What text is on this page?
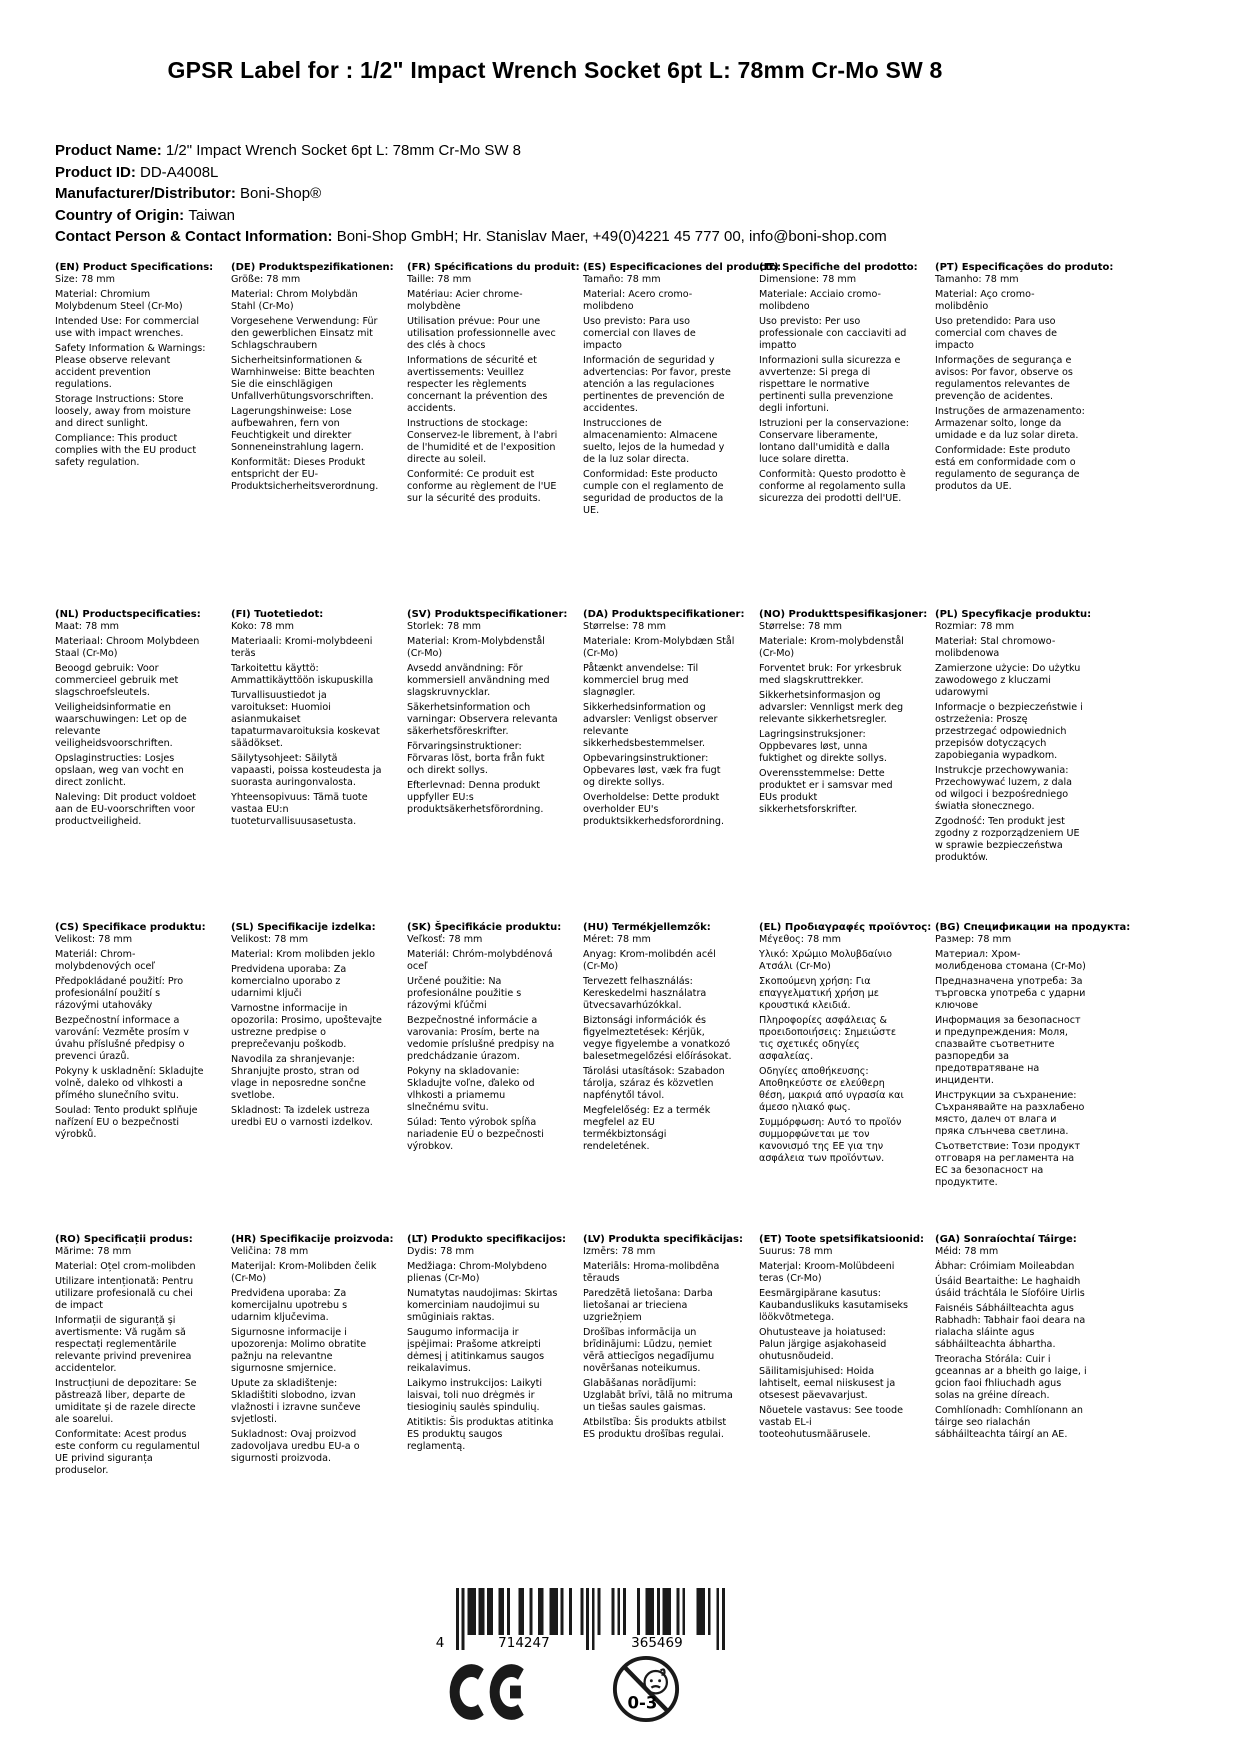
GPSR Label for : 1/2" Impact Wrench Socket 6pt L: 78mm Cr-Mo SW 8
Product Name: 1/2" Impact Wrench Socket 6pt L: 78mm Cr-Mo SW 8
Product ID: DD-A4008L
Manufacturer/Distributor: Boni-Shop®
Country of Origin: Taiwan
Contact Person & Contact Information: Boni-Shop GmbH; Hr. Stanislav Maer, +49(0)4221 45 777 00, info@boni-shop.com
(EN) Product Specifications:
Size: 78 mm
Material: Chromium Molybdenum Steel (Cr-Mo)
Intended Use: For commercial use with impact wrenches.
Safety Information & Warnings: Please observe relevant accident prevention regulations.
Storage Instructions: Store loosely, away from moisture and direct sunlight.
Compliance: This product complies with the EU product safety regulation.
(DE) Produktspezifikationen:
Größe: 78 mm
Material: Chrom Molybdän Stahl (Cr-Mo)
Vorgesehene Verwendung: Für den gewerblichen Einsatz mit Schlagschraubern
Sicherheitsinformationen & Warnhinweise: Bitte beachten Sie die einschlägigen Unfallverhütungsvorschriften.
Lagerungshinweise: Lose aufbewahren, fern von Feuchtigkeit und direkter Sonneneinstrahlung lagern.
Konformität: Dieses Produkt entspricht der EU-Produktsicherheitsverordnung.
(FR) Spécifications du produit:
Taille: 78 mm
Matériau: Acier chrome-molybdène
Utilisation prévue: Pour une utilisation professionnelle avec des clés à chocs
Informations de sécurité et avertissements: Veuillez respecter les règlements concernant la prévention des accidents.
Instructions de stockage: Conservez-le librement, à l'abri de l'humidité et de l'exposition directe au soleil.
Conformité: Ce produit est conforme au règlement de l'UE sur la sécurité des produits.
(ES) Especificaciones del producto:
Tamaño: 78 mm
Material: Acero cromo-molibdeno
Uso previsto: Para uso comercial con llaves de impacto
Información de seguridad y advertencias: Por favor, preste atención a las regulaciones pertinentes de prevención de accidentes.
Instrucciones de almacenamiento: Almacene suelto, lejos de la humedad y de la luz solar directa.
Conformidad: Este producto cumple con el reglamento de seguridad de productos de la UE.
(IT) Specifiche del prodotto:
Dimensione: 78 mm
Materiale: Acciaio cromo-molibdeno
Uso previsto: Per uso professionale con cacciaviti ad impatto
Informazioni sulla sicurezza e avvertenze: Si prega di rispettare le normative pertinenti sulla prevenzione degli infortuni.
Istruzioni per la conservazione: Conservare liberamente, lontano dall'umidità e dalla luce solare diretta.
Conformità: Questo prodotto è conforme al regolamento sulla sicurezza dei prodotti dell'UE.
(PT) Especificações do produto:
Tamanho: 78 mm
Material: Aço cromo-molibdênio
Uso pretendido: Para uso comercial com chaves de impacto
Informações de segurança e avisos: Por favor, observe os regulamentos relevantes de prevenção de acidentes.
Instruções de armazenamento: Armazenar solto, longe da umidade e da luz solar direta.
Conformidade: Este produto está em conformidade com o regulamento de segurança de produtos da UE.
(NL) Productspecificaties:
Maat: 78 mm
Materiaal: Chroom Molybdeen Staal (Cr-Mo)
Beoogd gebruik: Voor commercieel gebruik met slagschroefsleutels.
Veiligheidsinformatie en waarschuwingen: Let op de relevante veiligheidsvoorschriften.
Opslaginstructies: Losjes opslaan, weg van vocht en direct zonlicht.
Naleving: Dit product voldoet aan de EU-voorschriften voor productveiligheid.
(FI) Tuotetiedot:
Koko: 78 mm
Materiaali: Kromi-molybdeeni teräs
Tarkoitettu käyttö: Ammattikäyttöön iskupuskilla
Turvallisuustiedot ja varoitukset: Huomioi asianmukaiset tapaturmavaroituksia koskevat säädökset.
Säilytysohjeet: Säilytä vapaasti, poissa kosteudesta ja suorasta auringonvalosta.
Yhteensopivuus: Tämä tuote vastaa EU:n tuoteturvallisuusasetusta.
(SV) Produktspecifikationer:
Storlek: 78 mm
Material: Krom-Molybdenstål (Cr-Mo)
Avsedd användning: För kommersiell användning med slagskruvnycklar.
Säkerhetsinformation och varningar: Observera relevanta säkerhetsföreskrifter.
Förvaringsinstruktioner: Förvaras löst, borta från fukt och direkt sollys.
Efterlevnad: Denna produkt uppfyller EU:s produktsäkerhetsförordning.
(DA) Produktspecifikationer:
Størrelse: 78 mm
Materiale: Krom-Molybdæn Stål (Cr-Mo)
Påtænkt anvendelse: Til kommerciel brug med slagnøgler.
Sikkerhedsinformation og advarsler: Venligst observer relevante sikkerhedsbestemmelser.
Opbevaringsinstruktioner: Opbevares løst, væk fra fugt og direkte sollys.
Overholdelse: Dette produkt overholder EU's produktsikkerhedsforordning.
(NO) Produkttspesifikasjoner:
Størrelse: 78 mm
Materiale: Krom-molybdenstål (Cr-Mo)
Forventet bruk: For yrkesbruk med slagskruttrekker.
Sikkerhetsinformasjon og advarsler: Vennligst merk deg relevante sikkerhetsregler.
Lagringsinstruksjoner: Oppbevares løst, unna fuktighet og direkte sollys.
Overensstemmelse: Dette produktet er i samsvar med EUs produkt sikkerhetsforskrifter.
(PL) Specyfikacje produktu:
Rozmiar: 78 mm
Materiał: Stal chromowo-molibdenowa
Zamierzone użycie: Do użytku zawodowego z kluczami udarowymi
Informacje o bezpieczeństwie i ostrzeżenia: Proszę przestrzegać odpowiednich przepisów dotyczących zapobiegania wypadkom.
Instrukcje przechowywania: Przechowywać luzem, z dala od wilgoci i bezpośredniego światła słonecznego.
Zgodność: Ten produkt jest zgodny z rozporządzeniem UE w sprawie bezpieczeństwa produktów.
(CS) Specifikace produktu:
Velikost: 78 mm
Materiál: Chrom-molybdenových oceľ
Předpokládané použití: Pro profesionální použití s rázovými utahováky
Bezpečnostní informace a varování: Vezměte prosím v úvahu příslušné předpisy o prevenci úrazů.
Pokyny k uskladnění: Skladujte volně, daleko od vlhkosti a přímého slunečního svitu.
Soulad: Tento produkt splňuje nařízení EU o bezpečnosti výrobků.
(SL) Specifikacije izdelka:
Velikost: 78 mm
Material: Krom molibden jeklo
Predvidena uporaba: Za komercialno uporabo z udarnimi ključi
Varnostne informacije in opozorila: Prosimo, upoštevajte ustrezne predpise o preprečevanju poškodb.
Navodila za shranjevanje: Shranjujte prosto, stran od vlage in neposredne sončne svetlobe.
Skladnost: Ta izdelek ustreza uredbi EU o varnosti izdelkov.
(SK) Špecifikácie produktu:
Veľkosť: 78 mm
Materiál: Chróm-molybdénová oceľ
Určené použitie: Na profesionálne použitie s rázovými kľúčmi
Bezpečnostné informácie a varovania: Prosím, berte na vedomie príslušné predpisy na predchádzanie úrazom.
Pokyny na skladovanie: Skladujte voľne, ďaleko od vlhkosti a priamemu slnečnému svitu.
Súlad: Tento výrobok spĺňa nariadenie EÚ o bezpečnosti výrobkov.
(HU) Termékjellemzők:
Méret: 78 mm
Anyag: Krom-molibdén acél (Cr-Mo)
Tervezett felhasználás: Kereskedelmi használatra ütvecsavarhúzókkal.
Biztonsági információk és figyelmeztetések: Kérjük, vegye figyelembe a vonatkozó balesetmegelőzési előírásokat.
Tárolási utasítások: Szabadon tárolja, száraz és közvetlen napfénytől távol.
Megfelelőség: Ez a termék megfelel az EU termékbiztonsági rendeletének.
(EL) Προδιαγραφές προϊόντος:
Μέγεθος: 78 mm
Υλικό: Χρώμιο Μολυβδαίνιο Ατσάλι (Cr-Mo)
Σκοπούμενη χρήση: Για επαγγελματική χρήση με κρουστικά κλειδιά.
Πληροφορίες ασφάλειας & προειδοποιήσεις: Σημειώστε τις σχετικές οδηγίες ασφαλείας.
Οδηγίες αποθήκευσης: Αποθηκεύστε σε ελεύθερη θέση, μακριά από υγρασία και άμεσο ηλιακό φως.
Συμμόρφωση: Αυτό το προϊόν συμμορφώνεται με τον κανονισμό της ΕΕ για την ασφάλεια των προϊόντων.
(BG) Спецификации на продукта:
Размер: 78 mm
Материал: Хром-молибденова стомана (Cr-Mo)
Предназначена употреба: За търговска употреба с ударни ключове
Информация за безопасност и предупреждения: Моля, спазвайте съответните разпоредби за предотвратяване на инциденти.
Инструкции за съхранение: Съхранявайте на разхлабено място, далеч от влага и пряка слънчева светлина.
Съответствие: Този продукт отговаря на регламента на ЕС за безопасност на продуктите.
(RO) Specificații produs:
Mărime: 78 mm
Material: Oțel crom-molibden
Utilizare intenționată: Pentru utilizare profesională cu chei de impact
Informații de siguranță și avertismente: Vă rugăm să respectați reglementările relevante privind prevenirea accidentelor.
Instrucțiuni de depozitare: Se păstrează liber, departe de umiditate și de razele directe ale soarelui.
Conformitate: Acest produs este conform cu regulamentul UE privind siguranța produselor.
(HR) Specifikacije proizvoda:
Veličina: 78 mm
Materijal: Krom-Molibden čelik (Cr-Mo)
Predviđena uporaba: Za komercijalnu upotrebu s udarnim ključevima.
Sigurnosne informacije i upozorenja: Molimo obratite pažnju na relevantne sigurnosne smjernice.
Upute za skladištenje: Skladištiti slobodno, izvan vlažnosti i izravne sunčeve svjetlosti.
Sukladnost: Ovaj proizvod zadovoljava uredbu EU-a o sigurnosti proizvoda.
(LT) Produkto specifikacijos:
Dydis: 78 mm
Medžiaga: Chrom-Molybdeno plienas (Cr-Mo)
Numatytas naudojimas: Skirtas komerciniam naudojimui su smūginiais raktas.
Saugumo informacija ir įspėjimai: Prašome atkreipti dėmesį į atitinkamus saugos reikalavimus.
Laikymo instrukcijos: Laikyti laisvai, toli nuo drėgmės ir tiesioginių saulės spindulių.
Atitiktis: Šis produktas atitinka ES produktų saugos reglamentą.
(LV) Produkta specifikācijas:
Izmērs: 78 mm
Materiāls: Hroma-molibdēna tērauds
Paredzētā lietošana: Darba lietošanai ar trieciena uzgriežņiem
Drošības informācija un brīdinājumi: Lūdzu, ņemiet vērā attiecīgos negadījumu novēršanas noteikumus.
Glabāšanas norādījumi: Uzglabāt brīvi, tālā no mitruma un tiešas saules gaismas.
Atbilstība: Šis produkts atbilst ES produktu drošības regulai.
(ET) Toote spetsifikatsioonid:
Suurus: 78 mm
Materjal: Kroom-Molübdeeni teras (Cr-Mo)
Eesmärgipärane kasutus: Kaubanduslikuks kasutamiseks löökvõtmetega.
Ohutusteave ja hoiatused: Palun järgige asjakohaseid ohutusnõudeid.
Säilitamisjuhised: Hoida lahtiselt, eemal niiskusest ja otsesest päevavarjust.
Nõuetele vastavus: See toode vastab EL-i tooteohutusmäärusele.
(GA) Sonraíochtaí Táirge:
Méid: 78 mm
Ábhar: Cróimiam Moileabdan
Úsáid Beartaithe: Le haghaidh úsáid tráchtála le Síofóire Uirlis
Faisnéis Sábháilteachta agus Rabhadh: Tabhair faoi deara na rialacha sláinte agus sábháilteachta ábhartha.
Treoracha Stórála: Cuir i gceannas ar a bheith go laige, i gcion faoi fhliuchadh agus solas na gréine díreach.
Comhlíonadh: Comhlíonann an táirge seo rialachán sábháilteachta táirgí an AE.
4	714247	365469
0-3
